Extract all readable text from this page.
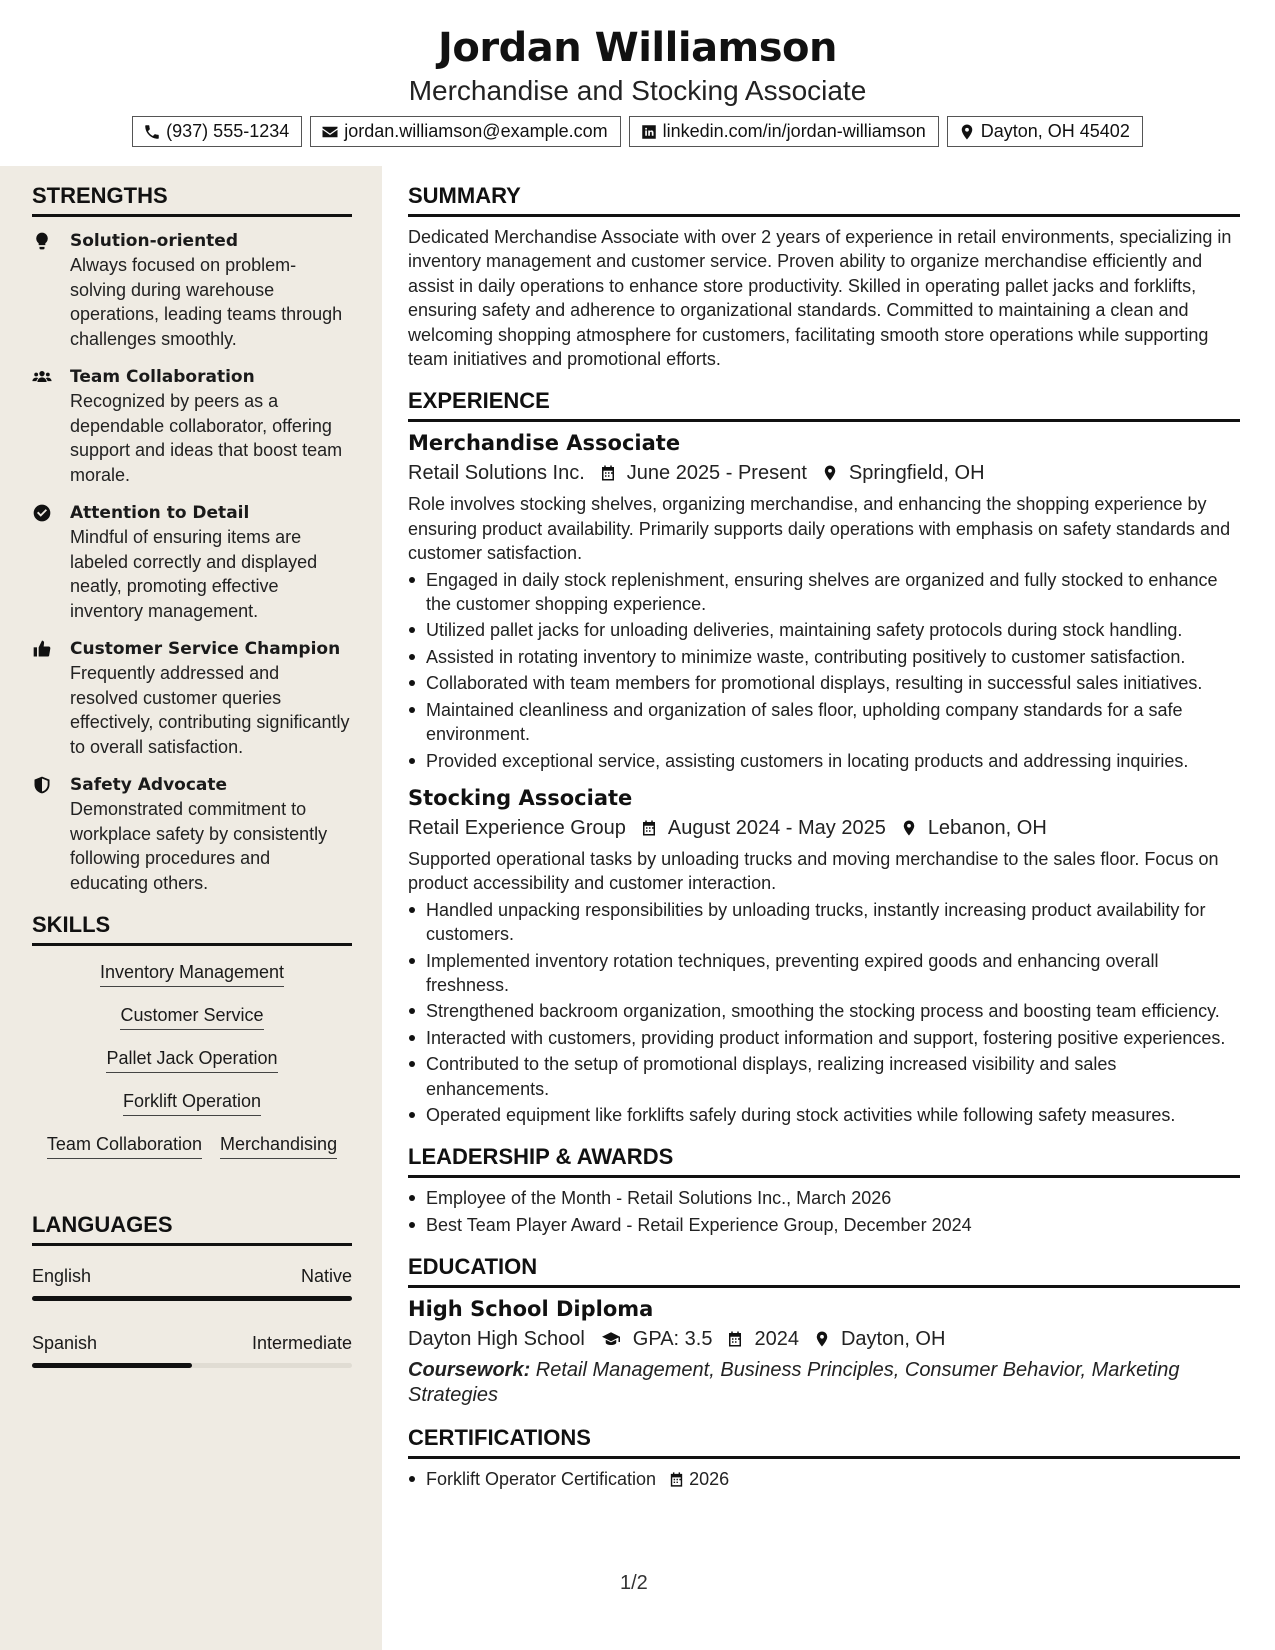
Jordan Williamson
Merchandise and Stocking Associate
(937) 555-1234	jordan.williamson@example.com	linkedin.com/in/jordan-williamson	Dayton, OH 45402
STRENGTHS
Solution-oriented
Always focused on problem-solving during warehouse operations, leading teams through challenges smoothly.
Team Collaboration
Recognized by peers as a dependable collaborator, offering support and ideas that boost team morale.
Attention to Detail
Mindful of ensuring items are labeled correctly and displayed neatly, promoting effective inventory management.
Customer Service Champion
Frequently addressed and resolved customer queries effectively, contributing significantly to overall satisfaction.
Safety Advocate
Demonstrated commitment to workplace safety by consistently following procedures and educating others.
SKILLS
Inventory Management
Customer Service
Pallet Jack Operation
Forklift Operation
Team Collaboration Merchandising
LANGUAGES
English	Native
Spanish	Intermediate
SUMMARY
Dedicated Merchandise Associate with over 2 years of experience in retail environments, specializing in inventory management and customer service. Proven ability to organize merchandise efficiently and assist in daily operations to enhance store productivity. Skilled in operating pallet jacks and forklifts, ensuring safety and adherence to organizational standards. Committed to maintaining a clean and welcoming shopping atmosphere for customers, facilitating smooth store operations while supporting team initiatives and promotional efforts.
EXPERIENCE
Merchandise Associate
Retail Solutions Inc. June 2025 - Present Springfield, OH
Role involves stocking shelves, organizing merchandise, and enhancing the shopping experience by ensuring product availability. Primarily supports daily operations with emphasis on safety standards and customer satisfaction.
Engaged in daily stock replenishment, ensuring shelves are organized and fully stocked to enhance the customer shopping experience.
Utilized pallet jacks for unloading deliveries, maintaining safety protocols during stock handling.
Assisted in rotating inventory to minimize waste, contributing positively to customer satisfaction.
Collaborated with team members for promotional displays, resulting in successful sales initiatives.
Maintained cleanliness and organization of sales floor, upholding company standards for a safe environment.
Provided exceptional service, assisting customers in locating products and addressing inquiries.
Stocking Associate
Retail Experience Group August 2024 - May 2025 Lebanon, OH
Supported operational tasks by unloading trucks and moving merchandise to the sales floor. Focus on product accessibility and customer interaction.
Handled unpacking responsibilities by unloading trucks, instantly increasing product availability for customers.
Implemented inventory rotation techniques, preventing expired goods and enhancing overall freshness.
Strengthened backroom organization, smoothing the stocking process and boosting team efficiency.
Interacted with customers, providing product information and support, fostering positive experiences.
Contributed to the setup of promotional displays, realizing increased visibility and sales enhancements.
Operated equipment like forklifts safely during stock activities while following safety measures.
LEADERSHIP & AWARDS
Employee of the Month - Retail Solutions Inc., March 2026
Best Team Player Award - Retail Experience Group, December 2024
EDUCATION
High School Diploma
Dayton High School GPA: 3.5 2024 Dayton, OH
Coursework: Retail Management, Business Principles, Consumer Behavior, Marketing Strategies
CERTIFICATIONS
Forklift Operator Certification 2026
1/2
